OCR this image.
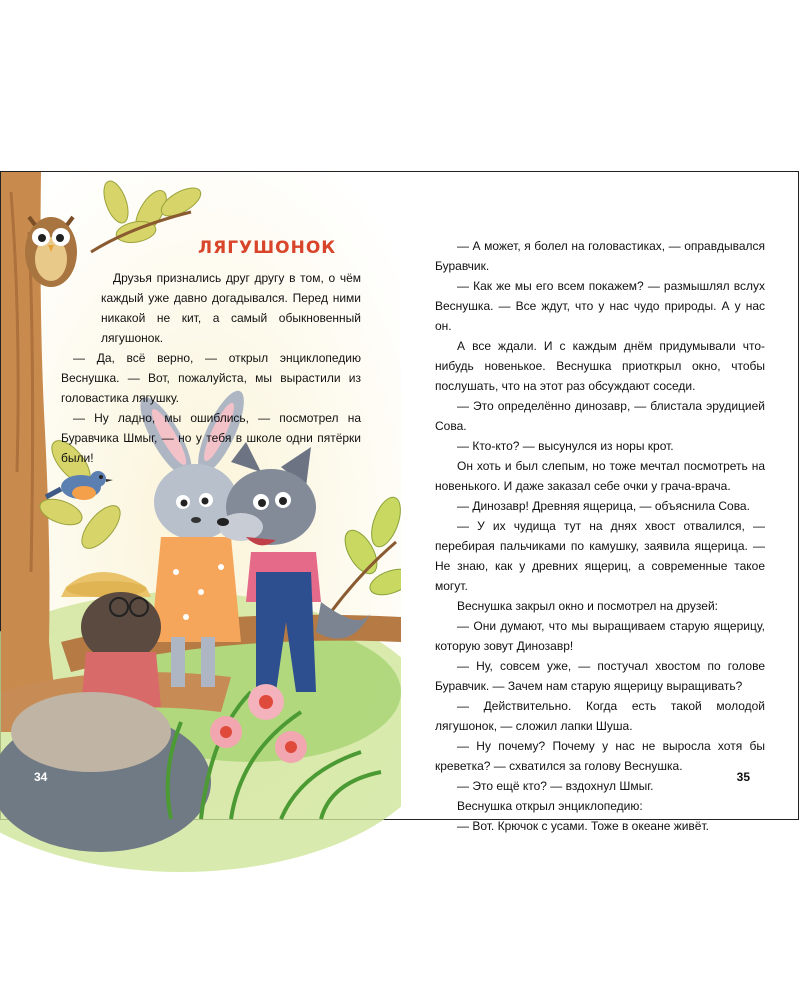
ЛЯГУШОНОК

Друзья признались друг другу в том, о чём каждый уже давно догадывался. Перед ними никакой не кит, а самый обыкновенный лягушонок.

— Да, всё верно, — открыл энциклопедию Веснушка. — Вот, пожалуйста, мы вырастили из головастика лягушку.

— Ну ладно, мы ошиблись, — посмотрел на Буравчика Шмыг, — но у тебя в школе одни пятёрки были!

34

— А может, я болел на головастиках, — оправдывался Буравчик.

— Как же мы его всем покажем? — размышлял вслух Веснушка. — Все ждут, что у нас чудо природы. А у нас он.

А все ждали. И с каждым днём придумывали что-нибудь новенькое. Веснушка приоткрыл окно, чтобы послушать, что на этот раз обсуждают соседи.

— Это определённо динозавр, — блистала эрудицией Сова.

— Кто-кто? — высунулся из норы крот.

Он хоть и был слепым, но тоже мечтал посмотреть на новенького. И даже заказал себе очки у грача-врача.

— Динозавр! Древняя ящерица, — объяснила Сова.

— У их чудища тут на днях хвост отвалился, — перебирая пальчиками по камушку, заявила ящерица. — Не знаю, как у древних ящериц, а современные такое могут.

Веснушка закрыл окно и посмотрел на друзей:

— Они думают, что мы выращиваем старую ящерицу, которую зовут Динозавр!

— Ну, совсем уже, — постучал хвостом по голове Буравчик. — Зачем нам старую ящерицу выращивать?

— Действительно. Когда есть такой молодой лягушонок, — сложил лапки Шуша.

— Ну почему? Почему у нас не выросла хотя бы креветка? — схватился за голову Веснушка.

— Это ещё кто? — вздохнул Шмыг.

Веснушка открыл энциклопедию:

— Вот. Крючок с усами. Тоже в океане живёт.

35
